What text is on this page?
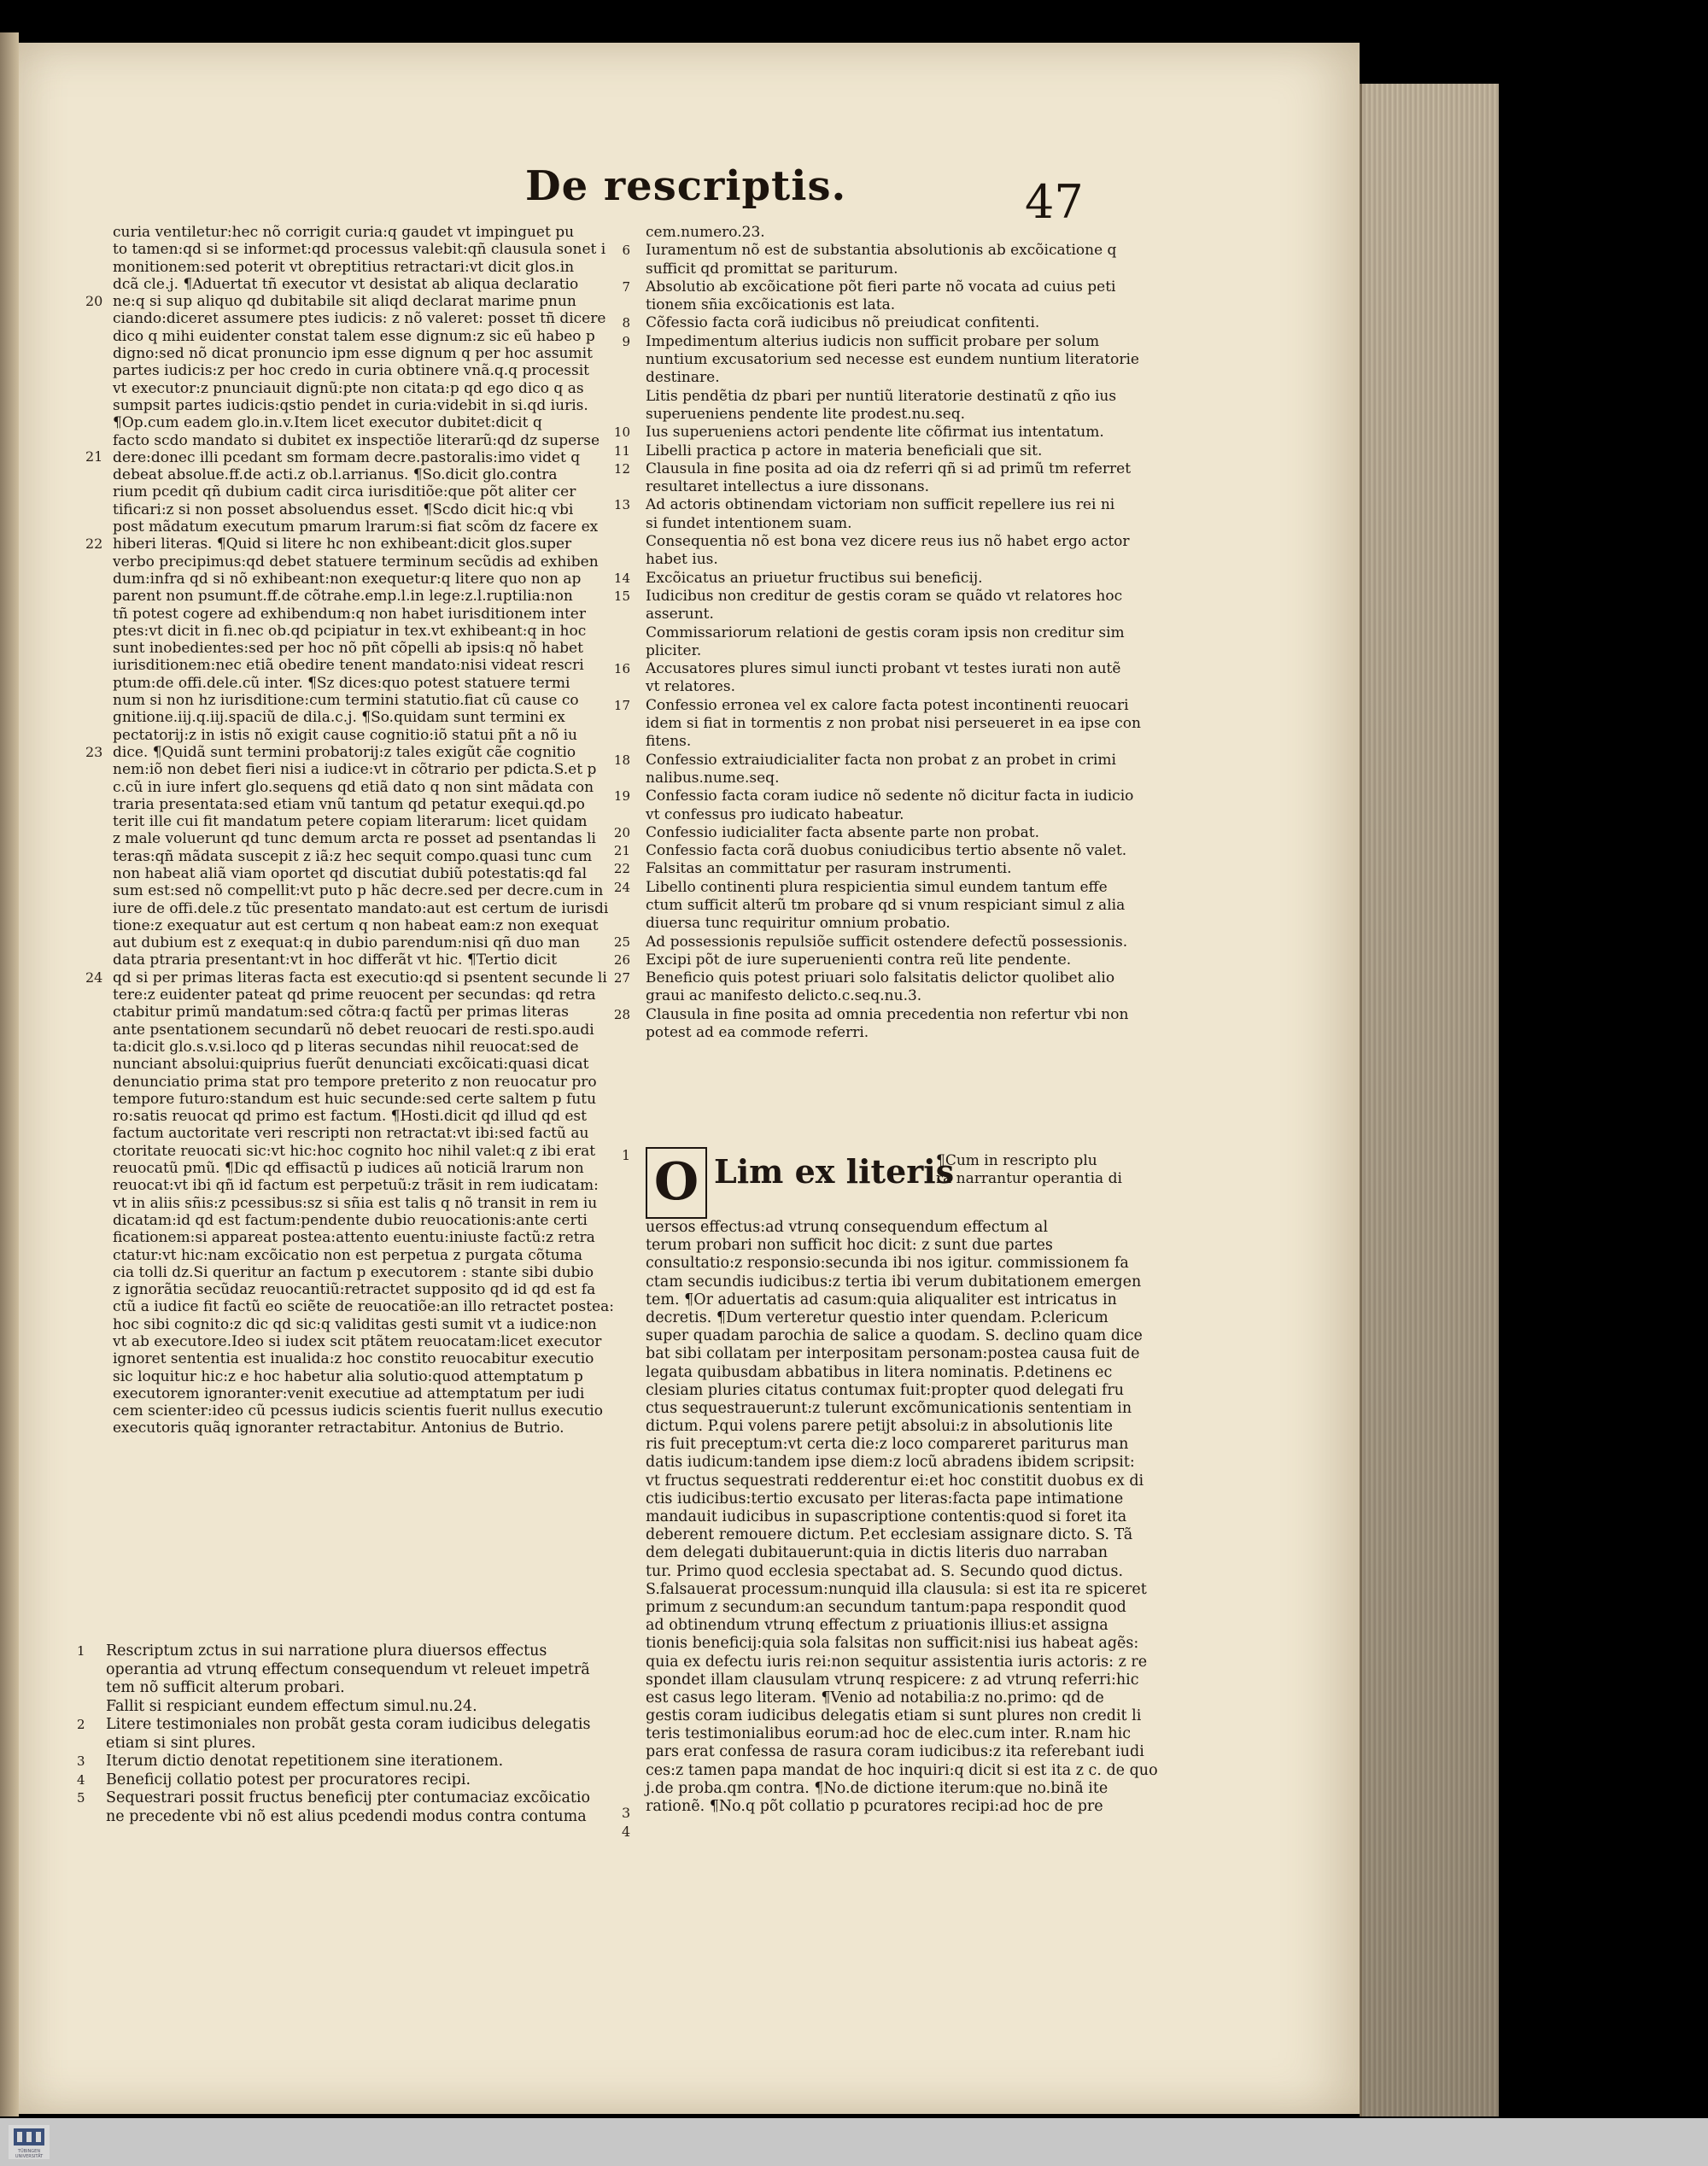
De rescriptis.	47
curia ventiletur:hec nõ corrigit curia:q gaudet vt impinguet pu
to tamen:qd si se informet:qd processus valebit:qñ clausula sonet i
monitionem:sed poterit vt obreptitius retractari:vt dicit glos.in
dcã cle.j. ¶Aduertat tñ executor vt desistat ab aliqua declaratio
ne:q si sup aliquo qd dubitabile sit aliqd declarat marime pnun
ciando:diceret assumere ptes iudicis: z nõ valeret: posset tñ dicere
dico q mihi euidenter constat talem esse dignum:z sic eũ habeo p
digno:sed nõ dicat pronuncio ipm esse dignum q per hoc assumit
partes iudicis:z per hoc credo in curia obtinere vnã.q.q processit
vt executor:z pnunciauit dignũ:pte non citata:p qd ego dico q as
sumpsit partes iudicis:qstio pendet in curia:videbit in si.qd iuris.
¶Op.cum eadem glo.in.v.Item licet executor dubitet:dicit q
facto scdo mandato si dubitet ex inspectiõe literarũ:qd dz superse
dere:donec illi pcedant sm formam decre.pastoralis:imo videt q
debeat absolue.ff.de acti.z ob.l.arrianus. ¶So.dicit glo.contra
rium pcedit qñ dubium cadit circa iurisditiõe:que põt aliter cer
tificari:z si non posset absoluendus esset. ¶Scdo dicit hic:q vbi
post mãdatum executum pmarum lrarum:si fiat scõm dz facere ex
hiberi literas. ¶Quid si litere hc non exhibeant:dicit glos.super
verbo precipimus:qd debet statuere terminum secũdis ad exhiben
dum:infra qd si nõ exhibeant:non exequetur:q litere quo non ap
parent non psumunt.ff.de cõtrahe.emp.l.in lege:z.l.ruptilia:non
tñ potest cogere ad exhibendum:q non habet iurisditionem inter
ptes:vt dicit in fi.nec ob.qd pcipiatur in tex.vt exhibeant:q in hoc
sunt inobedientes:sed per hoc nõ pñt cõpelli ab ipsis:q nõ habet
iurisditionem:nec etiã obedire tenent mandato:nisi videat rescri
ptum:de offi.dele.cũ inter. ¶Sz dices:quo potest statuere termi
num si non hz iurisditione:cum termini statutio.fiat cũ cause co
gnitione.iij.q.iij.spaciũ de dila.c.j. ¶So.quidam sunt termini ex
pectatorij:z in istis nõ exigit cause cognitio:iõ statui pñt a nõ iu
dice. ¶Quidã sunt termini probatorij:z tales exigũt cãe cognitio
nem:iõ non debet fieri nisi a iudice:vt in cõtrario per pdicta.S.et p
c.cũ in iure infert glo.sequens qd etiã dato q non sint mãdata con
traria presentata:sed etiam vnũ tantum qd petatur exequi.qd.po
terit ille cui fit mandatum petere copiam literarum: licet quidam
z male voluerunt qd tunc demum arcta re posset ad psentandas li
teras:qñ mãdata suscepit z iã:z hec sequit compo.quasi tunc cum
non habeat aliã viam oportet qd discutiat dubiũ potestatis:qd fal
sum est:sed nõ compellit:vt puto p hãc decre.sed per decre.cum in
iure de offi.dele.z tũc presentato mandato:aut est certum de iurisdi
tione:z exequatur aut est certum q non habeat eam:z non exequat
aut dubium est z exequat:q in dubio parendum:nisi qñ duo man
data ptraria presentant:vt in hoc differãt vt hic. ¶Tertio dicit
qd si per primas literas facta est executio:qd si psentent secunde li
tere:z euidenter pateat qd prime reuocent per secundas: qd retra
ctabitur primũ mandatum:sed cõtra:q factũ per primas literas
ante psentationem secundarũ nõ debet reuocari de resti.spo.audi
ta:dicit glo.s.v.si.loco qd p literas secundas nihil reuocat:sed de
nunciant absolui:quiprius fuerũt denunciati excõicati:quasi dicat
denunciatio prima stat pro tempore preterito z non reuocatur pro
tempore futuro:standum est huic secunde:sed certe saltem p futu
ro:satis reuocat qd primo est factum. ¶Hosti.dicit qd illud qd est
factum auctoritate veri rescripti non retractat:vt ibi:sed factũ au
ctoritate reuocati sic:vt hic:hoc cognito hoc nihil valet:q z ibi erat
reuocatũ pmũ. ¶Dic qd effisactũ p iudices aũ noticiã lrarum non
reuocat:vt ibi qñ id factum est perpetuũ:z trãsit in rem iudicatam:
vt in aliis sñis:z pcessibus:sz si sñia est talis q nõ transit in rem iu
dicatam:id qd est factum:pendente dubio reuocationis:ante certi
ficationem:si appareat postea:attento euentu:iniuste factũ:z retra
ctatur:vt hic:nam excõicatio non est perpetua z purgata cõtuma
cia tolli dz.Si queritur an factum p executorem : stante sibi dubio
z ignorãtia secũdaz reuocantiũ:retractet supposito qd id qd est fa
ctũ a iudice fit factũ eo sciẽte de reuocatiõe:an illo retractet postea:
hoc sibi cognito:z dic qd sic:q validitas gesti sumit vt a iudice:non
vt ab executore.Ideo si iudex scit ptãtem reuocatam:licet executor
ignoret sententia est inualida:z hoc constito reuocabitur executio
sic loquitur hic:z e hoc habetur alia solutio:quod attemptatum p
executorem ignoranter:venit executiue ad attemptatum per iudi
cem scienter:ideo cũ pcessus iudicis scientis fuerit nullus executio
executoris quãq ignoranter retractabitur. Antonius de Butrio.
20
21
22
23
24
cem.numero.23.
6 Iuramentum nõ est de substantia absolutionis ab excõicatione q
sufficit qd promittat se pariturum.
7 Absolutio ab excõicatione põt fieri parte nõ vocata ad cuius peti
tionem sñia excõicationis est lata.
8 Cõfessio facta corã iudicibus nõ preiudicat confitenti.
9 Impedimentum alterius iudicis non sufficit probare per solum
nuntium excusatorium sed necesse est eundem nuntium literatorie
destinare.
Litis pendẽtia dz pbari per nuntiũ literatorie destinatũ z qño ius
superueniens pendente lite prodest.nu.seq.
10 Ius superueniens actori pendente lite cõfirmat ius intentatum.
11 Libelli practica p actore in materia beneficiali que sit.
12 Clausula in fine posita ad oia dz referri qñ si ad primũ tm referret
resultaret intellectus a iure dissonans.
13 Ad actoris obtinendam victoriam non sufficit repellere ius rei ni
si fundet intentionem suam.
Consequentia nõ est bona vez dicere reus ius nõ habet ergo actor
habet ius.
14 Excõicatus an priuetur fructibus sui beneficij.
15 Iudicibus non creditur de gestis coram se quãdo vt relatores hoc
asserunt.
Commissariorum relationi de gestis coram ipsis non creditur sim
pliciter.
16 Accusatores plures simul iuncti probant vt testes iurati non autẽ
vt relatores.
17 Confessio erronea vel ex calore facta potest incontinenti reuocari
idem si fiat in tormentis z non probat nisi perseueret in ea ipse con
fitens.
18 Confessio extraiudicialiter facta non probat z an probet in crimi
nalibus.nume.seq.
19 Confessio facta coram iudice nõ sedente nõ dicitur facta in iudicio
vt confessus pro iudicato habeatur.
20 Confessio iudicialiter facta absente parte non probat.
21 Confessio facta corã duobus coniudicibus tertio absente nõ valet.
22 Falsitas an committatur per rasuram instrumenti.
24 Libello continenti plura respicientia simul eundem tantum effe
ctum sufficit alterũ tm probare qd si vnum respiciant simul z alia
diuersa tunc requiritur omnium probatio.
25 Ad possessionis repulsiõe sufficit ostendere defectũ possessionis.
26 Excipi põt de iure superuenienti contra reũ lite pendente.
27 Beneficio quis potest priuari solo falsitatis delictor quolibet alio
graui ac manifesto delicto.c.seq.nu.3.
28 Clausula in fine posita ad omnia precedentia non refertur vbi non
potest ad ea commode referri.
1	Rescriptum zctus in sui narratione plura diuersos effectus
operantia ad vtrunq effectum consequendum vt releuet impetrã
tem nõ sufficit alterum probari.
Fallit si respiciant eundem effectum simul.nu.24.
2	Litere testimoniales non probãt gesta coram iudicibus delegatis
etiam si sint plures.
3	Iterum dictio denotat repetitionem sine iterationem.
4	Beneficij collatio potest per procuratores recipi.
5	Sequestrari possit fructus beneficij pter contumaciaz excõicatio
ne precedente vbi nõ est alius pcedendi modus contra contuma
O Lim ex literis
¶Cum in rescripto plu
ra narrantur operantia di
uersos effectus:ad vtrunq consequendum effectum al
terum probari non sufficit hoc dicit: z sunt due partes
consultatio:z responsio:secunda ibi nos igitur. commissionem fa
ctam secundis iudicibus:z tertia ibi verum dubitationem emergen
tem. ¶Or aduertatis ad casum:quia aliqualiter est intricatus in
decretis. ¶Dum verteretur questio inter quendam. P.clericum
super quadam parochia de salice a quodam. S. declino quam dice
bat sibi collatam per interpositam personam:postea causa fuit de
legata quibusdam abbatibus in litera nominatis. P.detinens ec
clesiam pluries citatus contumax fuit:propter quod delegati fru
ctus sequestrauerunt:z tulerunt excõmunicationis sententiam in
dictum. P.qui volens parere petijt absolui:z in absolutionis lite
ris fuit preceptum:vt certa die:z loco compareret pariturus man
datis iudicum:tandem ipse diem:z locũ abradens ibidem scripsit:
vt fructus sequestrati redderentur ei:et hoc constitit duobus ex di
ctis iudicibus:tertio excusato per literas:facta pape intimatione
mandauit iudicibus in supascriptione contentis:quod si foret ita
deberent remouere dictum. P.et ecclesiam assignare dicto. S. Tã
dem delegati dubitauerunt:quia in dictis literis duo narraban
tur. Primo quod ecclesia spectabat ad. S. Secundo quod dictus.
S.falsauerat processum:nunquid illa clausula: si est ita re spiceret
primum z secundum:an secundum tantum:papa respondit quod
ad obtinendum vtrunq effectum z priuationis illius:et assigna
tionis beneficij:quia sola falsitas non sufficit:nisi ius habeat agẽs:
quia ex defectu iuris rei:non sequitur assistentia iuris actoris: z re
spondet illam clausulam vtrunq respicere: z ad vtrunq referri:hic
est casus lego literam. ¶Venio ad notabilia:z no.primo: qd de
gestis coram iudicibus delegatis etiam si sunt plures non credit li
teris testimonialibus eorum:ad hoc de elec.cum inter. R.nam hic
pars erat confessa de rasura coram iudicibus:z ita referebant iudi
ces:z tamen papa mandat de hoc inquiri:q dicit si est ita z c. de quo
j.de proba.qm contra. ¶No.de dictione iterum:que no.binã ite
rationẽ. ¶No.q põt collatio p pcuratores recipi:ad hoc de pre
1
3
4
TÜBINGEN UNIVERSITÄT
